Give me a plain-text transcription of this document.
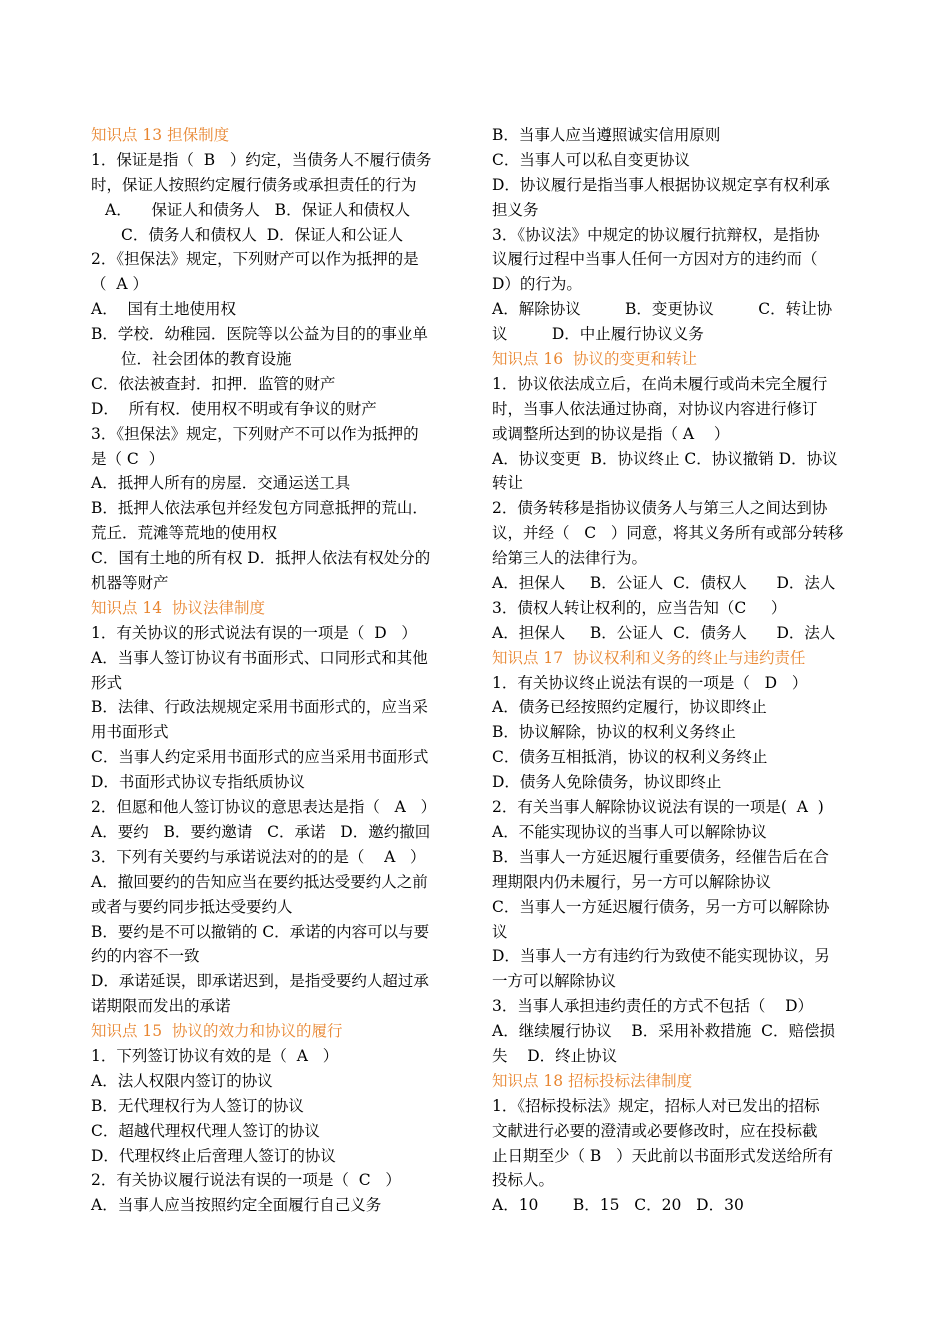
知识点 13 担保制度
1．保证是指（  B   ）约定，当债务人不履行债务
时，保证人按照约定履行债务或承担责任的行为
A．    保证人和债务人   B．保证人和债权人
C．债务人和债权人  D．保证人和公证人
2．《担保法》规定，下列财产可以作为抵押的是
（  A ）
A．  国有土地使用权
B．学校．幼稚园．医院等以公益为目的的事业单
位．社会团体的教育设施
C．依法被查封．扣押．监管的财产
D．  所有权．使用权不明或有争议的财产
3．《担保法》规定，下列财产不可以作为抵押的
是（ C  ）
A．抵押人所有的房屋．交通运送工具
B．抵押人依法承包并经发包方同意抵押的荒山．
荒丘．荒滩等荒地的使用权
C．国有土地的所有权 D．抵押人依法有权处分的
机器等财产
知识点 14  协议法律制度
1．有关协议的形式说法有误的一项是（  D   ）
A．当事人签订协议有书面形式、口同形式和其他
形式
B．法律、行政法规规定采用书面形式的，应当采
用书面形式
C．当事人约定采用书面形式的应当采用书面形式
D．书面形式协议专指纸质协议
2．但愿和他人签订协议的意思表达是指（   A   ）
A．要约   B．要约邀请   C．承诺   D．邀约撤回
3．下列有关要约与承诺说法对的的是（    A   ）
A．撤回要约的告知应当在要约抵达受要约人之前
或者与要约同步抵达受要约人
B．要约是不可以撤销的 C．承诺的内容可以与要
约的内容不一致
D．承诺延误，即承诺迟到，是指受要约人超过承
诺期限而发出的承诺
知识点 15  协议的效力和协议的履行
1．下列签订协议有效的是（  A   ）
A．法人权限内签订的协议
B．无代理权行为人签订的协议
C．超越代理权代理人签订的协议
D．代理权终止后啻理人签订的协议
2．有关协议履行说法有误的一项是（  C   ）
A．当事人应当按照约定全面履行自己义务
B．当事人应当遵照诚实信用原则
C．当事人可以私自变更协议
D．协议履行是指当事人根据协议规定享有权利承
担义务
3．《协议法》中规定的协议履行抗辩权，是指协
议履行过程中当事人任何一方因对方的违约而（
D）的行为。
A．解除协议         B．变更协议         C．转让协
议         D．中止履行协议义务
知识点 16  协议的变更和转让
1．协议依法成立后，在尚未履行或尚未完全履行
时，当事人依法通过协商，对协议内容进行修订
或调整所达到的协议是指（ A    ）
A．协议变更  B．协议终止 C．协议撤销 D．协议
转让
2．债务转移是指协议债务人与第三人之间达到协
议，并经（   C   ）同意，将其义务所有或部分转移
给第三人的法律行为。
A．担保人     B．公证人  C．债权人      D．法人
3．债权人转让权利的，应当告知（C     ）
A．担保人     B．公证人  C．债务人      D．法人
知识点 17  协议权利和义务的终止与违约责任
1．有关协议终止说法有误的一项是（   D   ）
A．债务已经按照约定履行，协议即终止
B．协议解除，协议的权利义务终止
C．债务互相抵消，协议的权利义务终止
D．债务人免除债务，协议即终止
2．有关当事人解除协议说法有误的一项是(  A  )
A．不能实现协议的当事人可以解除协议
B．当事人一方延迟履行重要债务，经催告后在合
理期限内仍未履行，另一方可以解除协议
C．当事人一方延迟履行债务，另一方可以解除协
议
D．当事人一方有违约行为致使不能实现协议，另
一方可以解除协议
3．当事人承担违约责任的方式不包括（    D）
A．继续履行协议    B．采用补救措施  C．赔偿损
失    D．终止协议
知识点 18 招标投标法律制度
1．《招标投标法》规定，招标人对已发出的招标
文献进行必要的澄清或必要修改时，应在投标截
止日期至少（ B   ）天此前以书面形式发送给所有
投标人。
A．10       B．15   C．20   D．30
